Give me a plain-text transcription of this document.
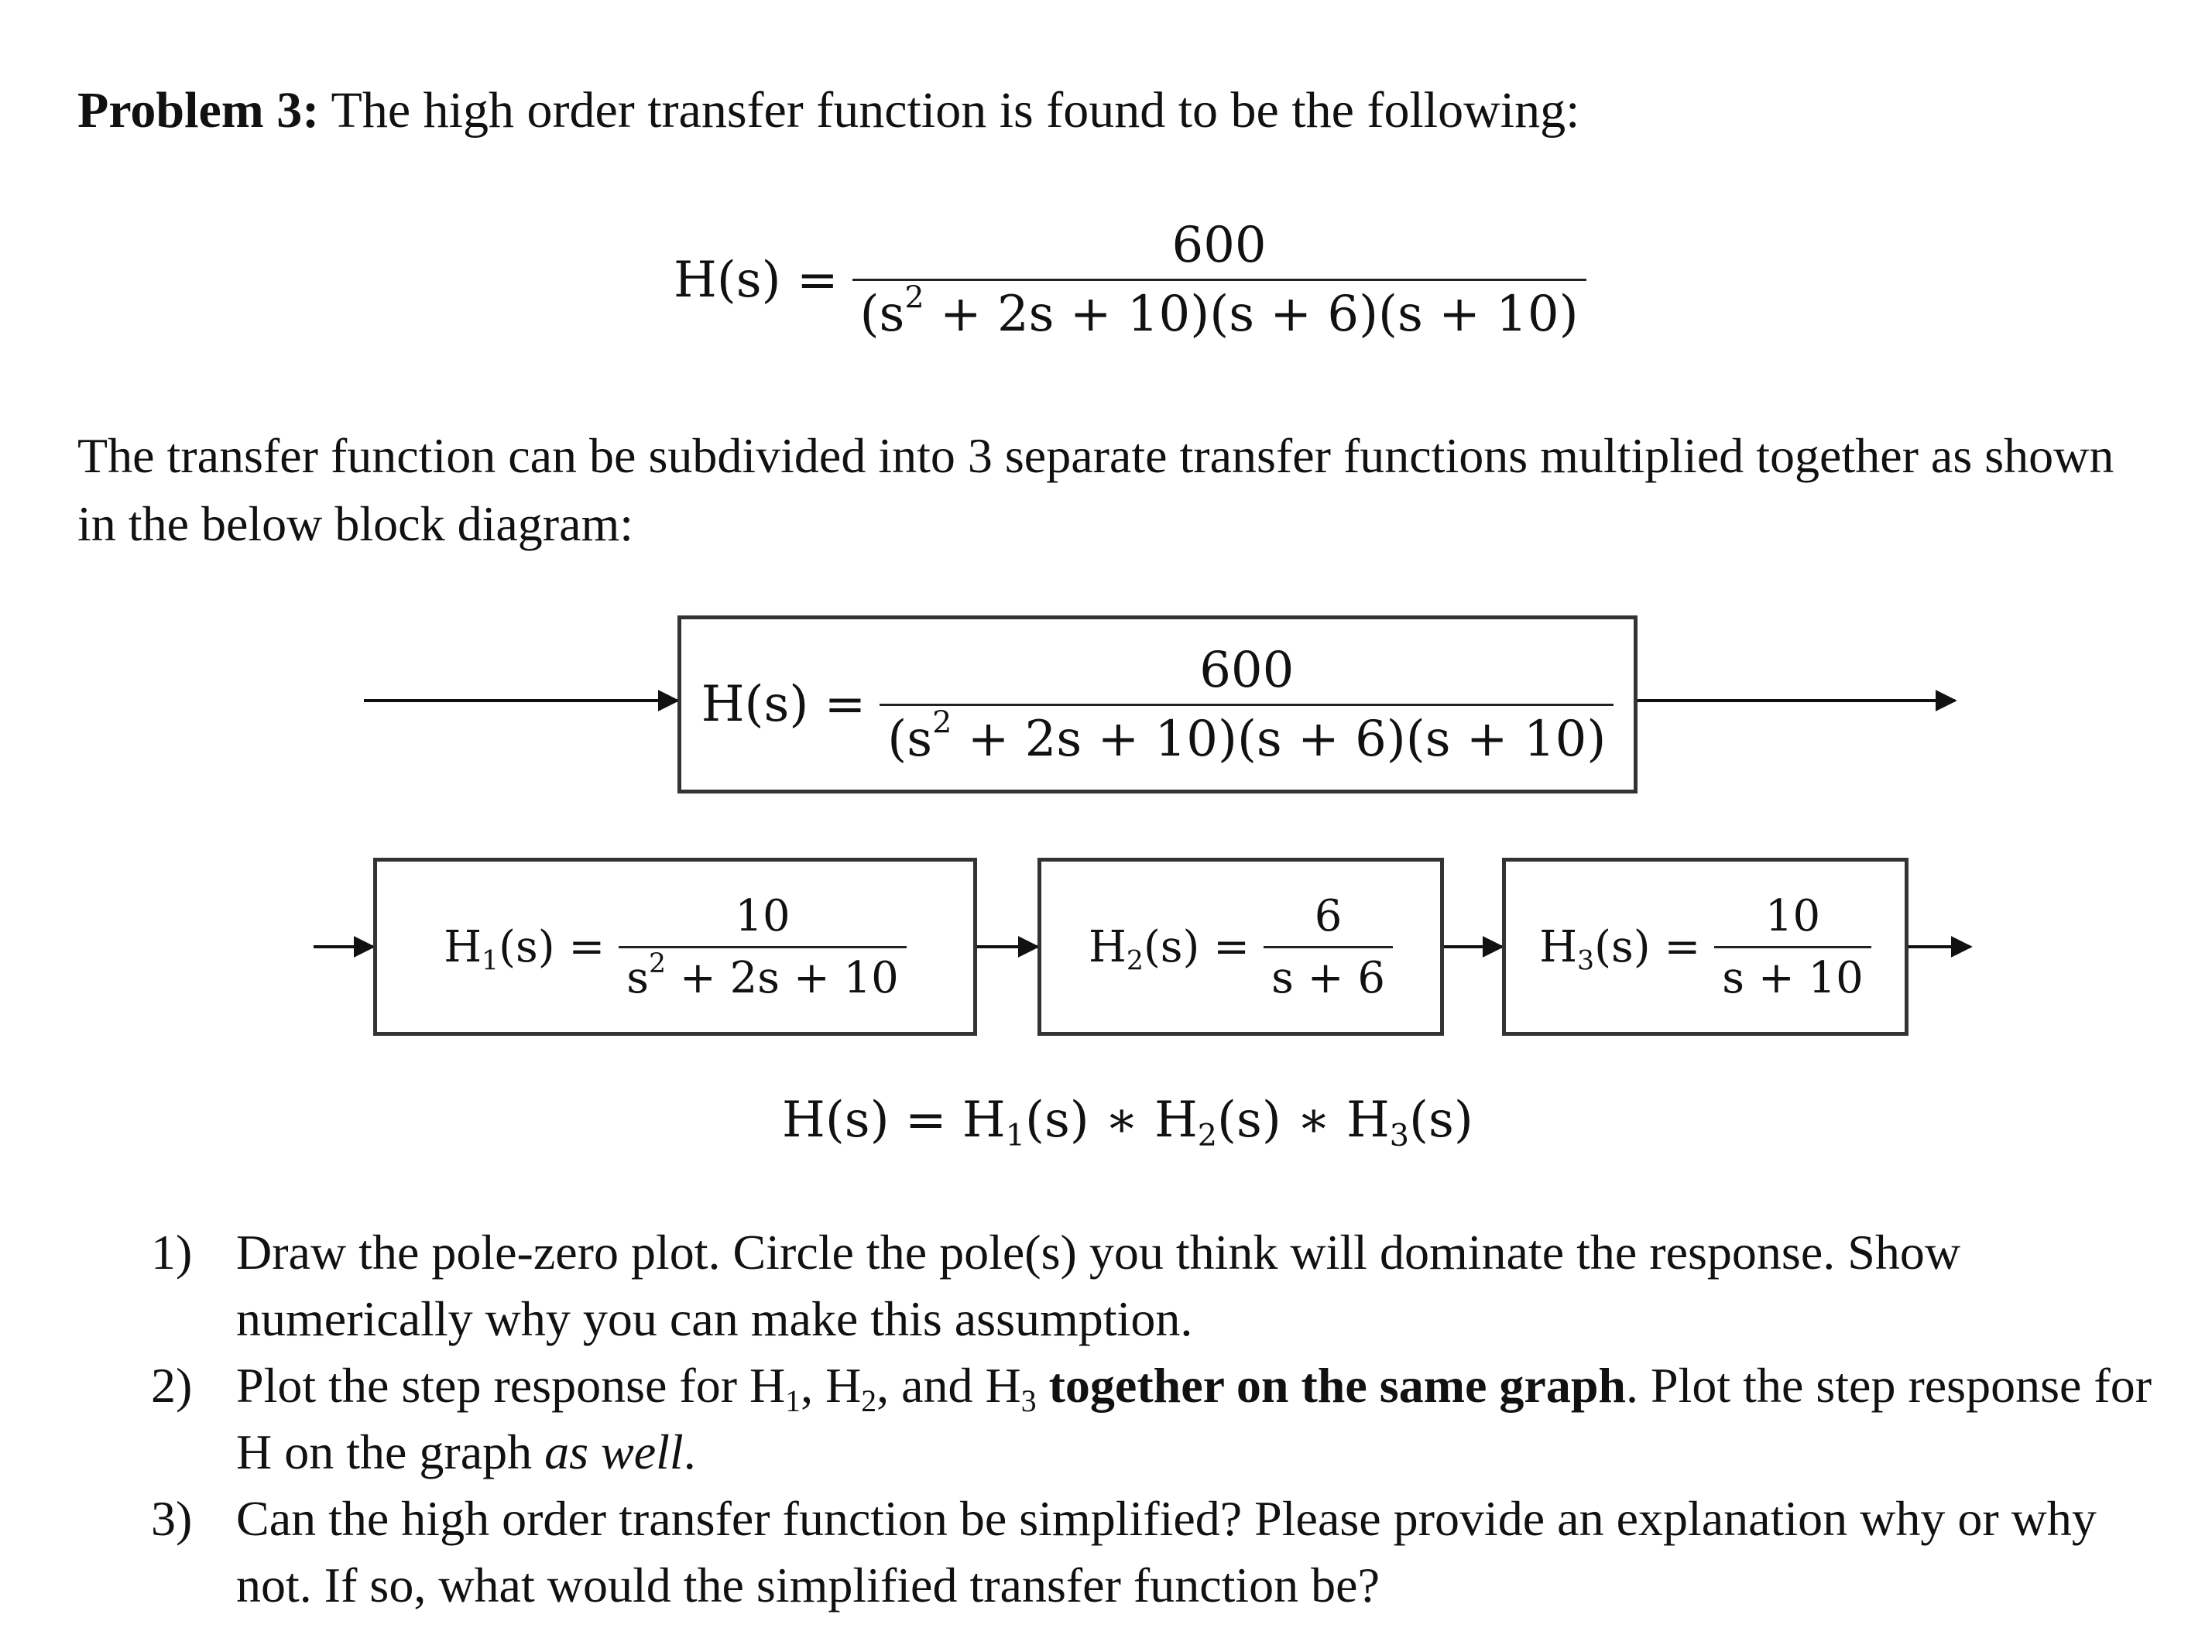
Problem 3: The high order transfer function is found to be the following:
$H(s) = \frac{600}{(s^2 + 2s + 10)(s + 6)(s + 10)}$
The transfer function can be subdivided into 3 separate transfer functions multiplied together as shown in the below block diagram:
$H(s) = \frac{600}{(s^2 + 2s + 10)(s + 6)(s + 10)}$
$H_1(s) = \frac{10}{s^2 + 2s + 10}$	$H_2(s) = \frac{6}{s + 6}$	$H_3(s) = \frac{10}{s + 10}$
$H(s) = H_1(s)$ ∗ $H_2(s)$ ∗ $H_3(s)$
1) Draw the pole-zero plot. Circle the pole(s) you think will dominate the response. Show numerically why you can make this assumption.
2) Plot the step response for $H_1$, $H_2$, and $H_3$ together on the same graph. Plot the step response for H on the graph as well.
3) Can the high order transfer function be simplified? Please provide an explanation why or why not. If so, what would the simplified transfer function be?
